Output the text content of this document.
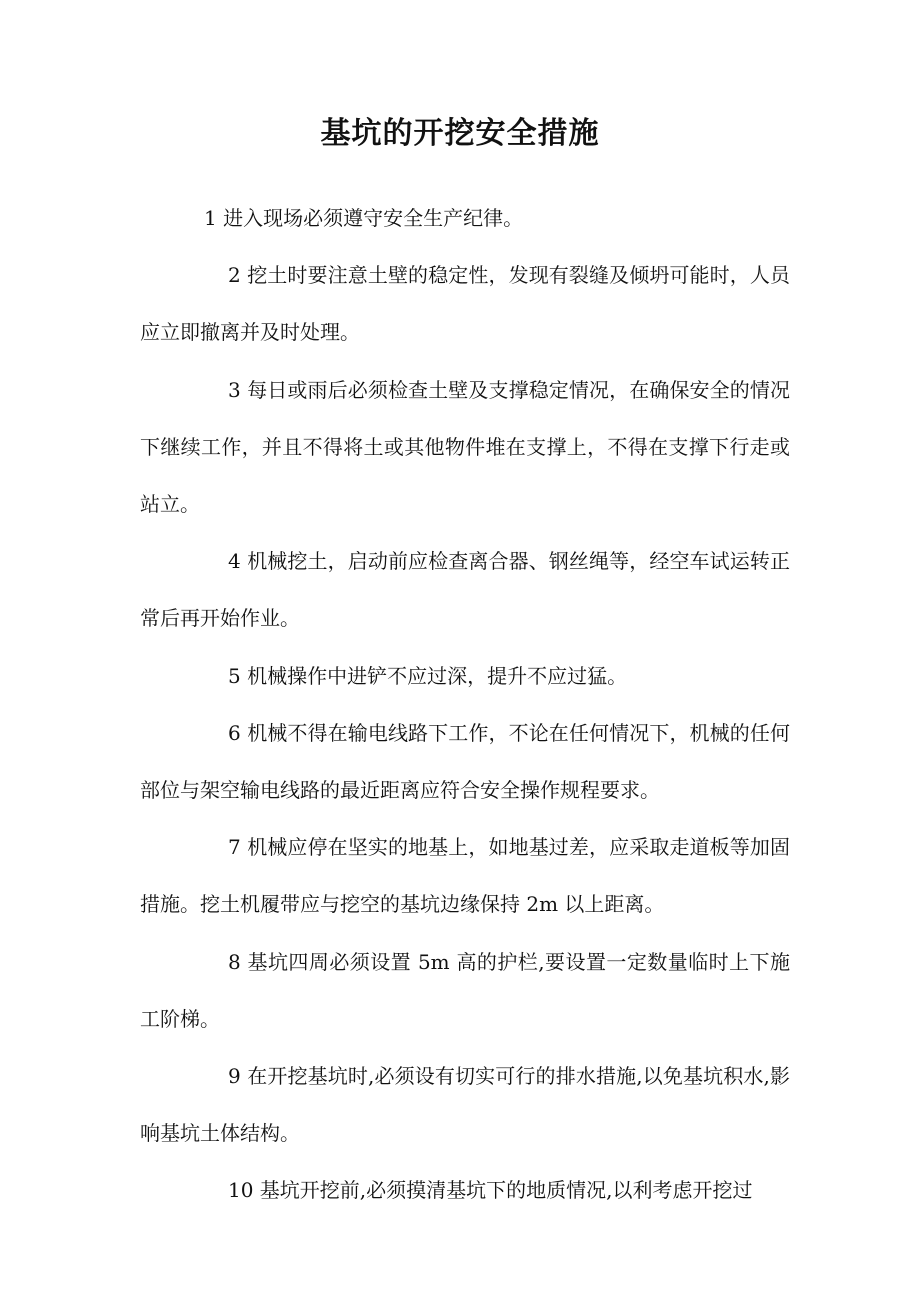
基坑的开挖安全措施

1 进入现场必须遵守安全生产纪律。

2 挖土时要注意土壁的稳定性，发现有裂缝及倾坍可能时，人员应立即撤离并及时处理。

3 每日或雨后必须检查土壁及支撑稳定情况，在确保安全的情况下继续工作，并且不得将土或其他物件堆在支撑上，不得在支撑下行走或站立。

4 机械挖土，启动前应检查离合器、钢丝绳等，经空车试运转正常后再开始作业。

5 机械操作中进铲不应过深，提升不应过猛。

6 机械不得在输电线路下工作，不论在任何情况下，机械的任何部位与架空输电线路的最近距离应符合安全操作规程要求。

7 机械应停在坚实的地基上，如地基过差，应采取走道板等加固措施。挖土机履带应与挖空的基坑边缘保持 2m 以上距离。

8 基坑四周必须设置 5m 高的护栏,要设置一定数量临时上下施工阶梯。

9 在开挖基坑时,必须设有切实可行的排水措施,以免基坑积水,影响基坑土体结构。

10 基坑开挖前,必须摸清基坑下的地质情况,以利考虑开挖过
